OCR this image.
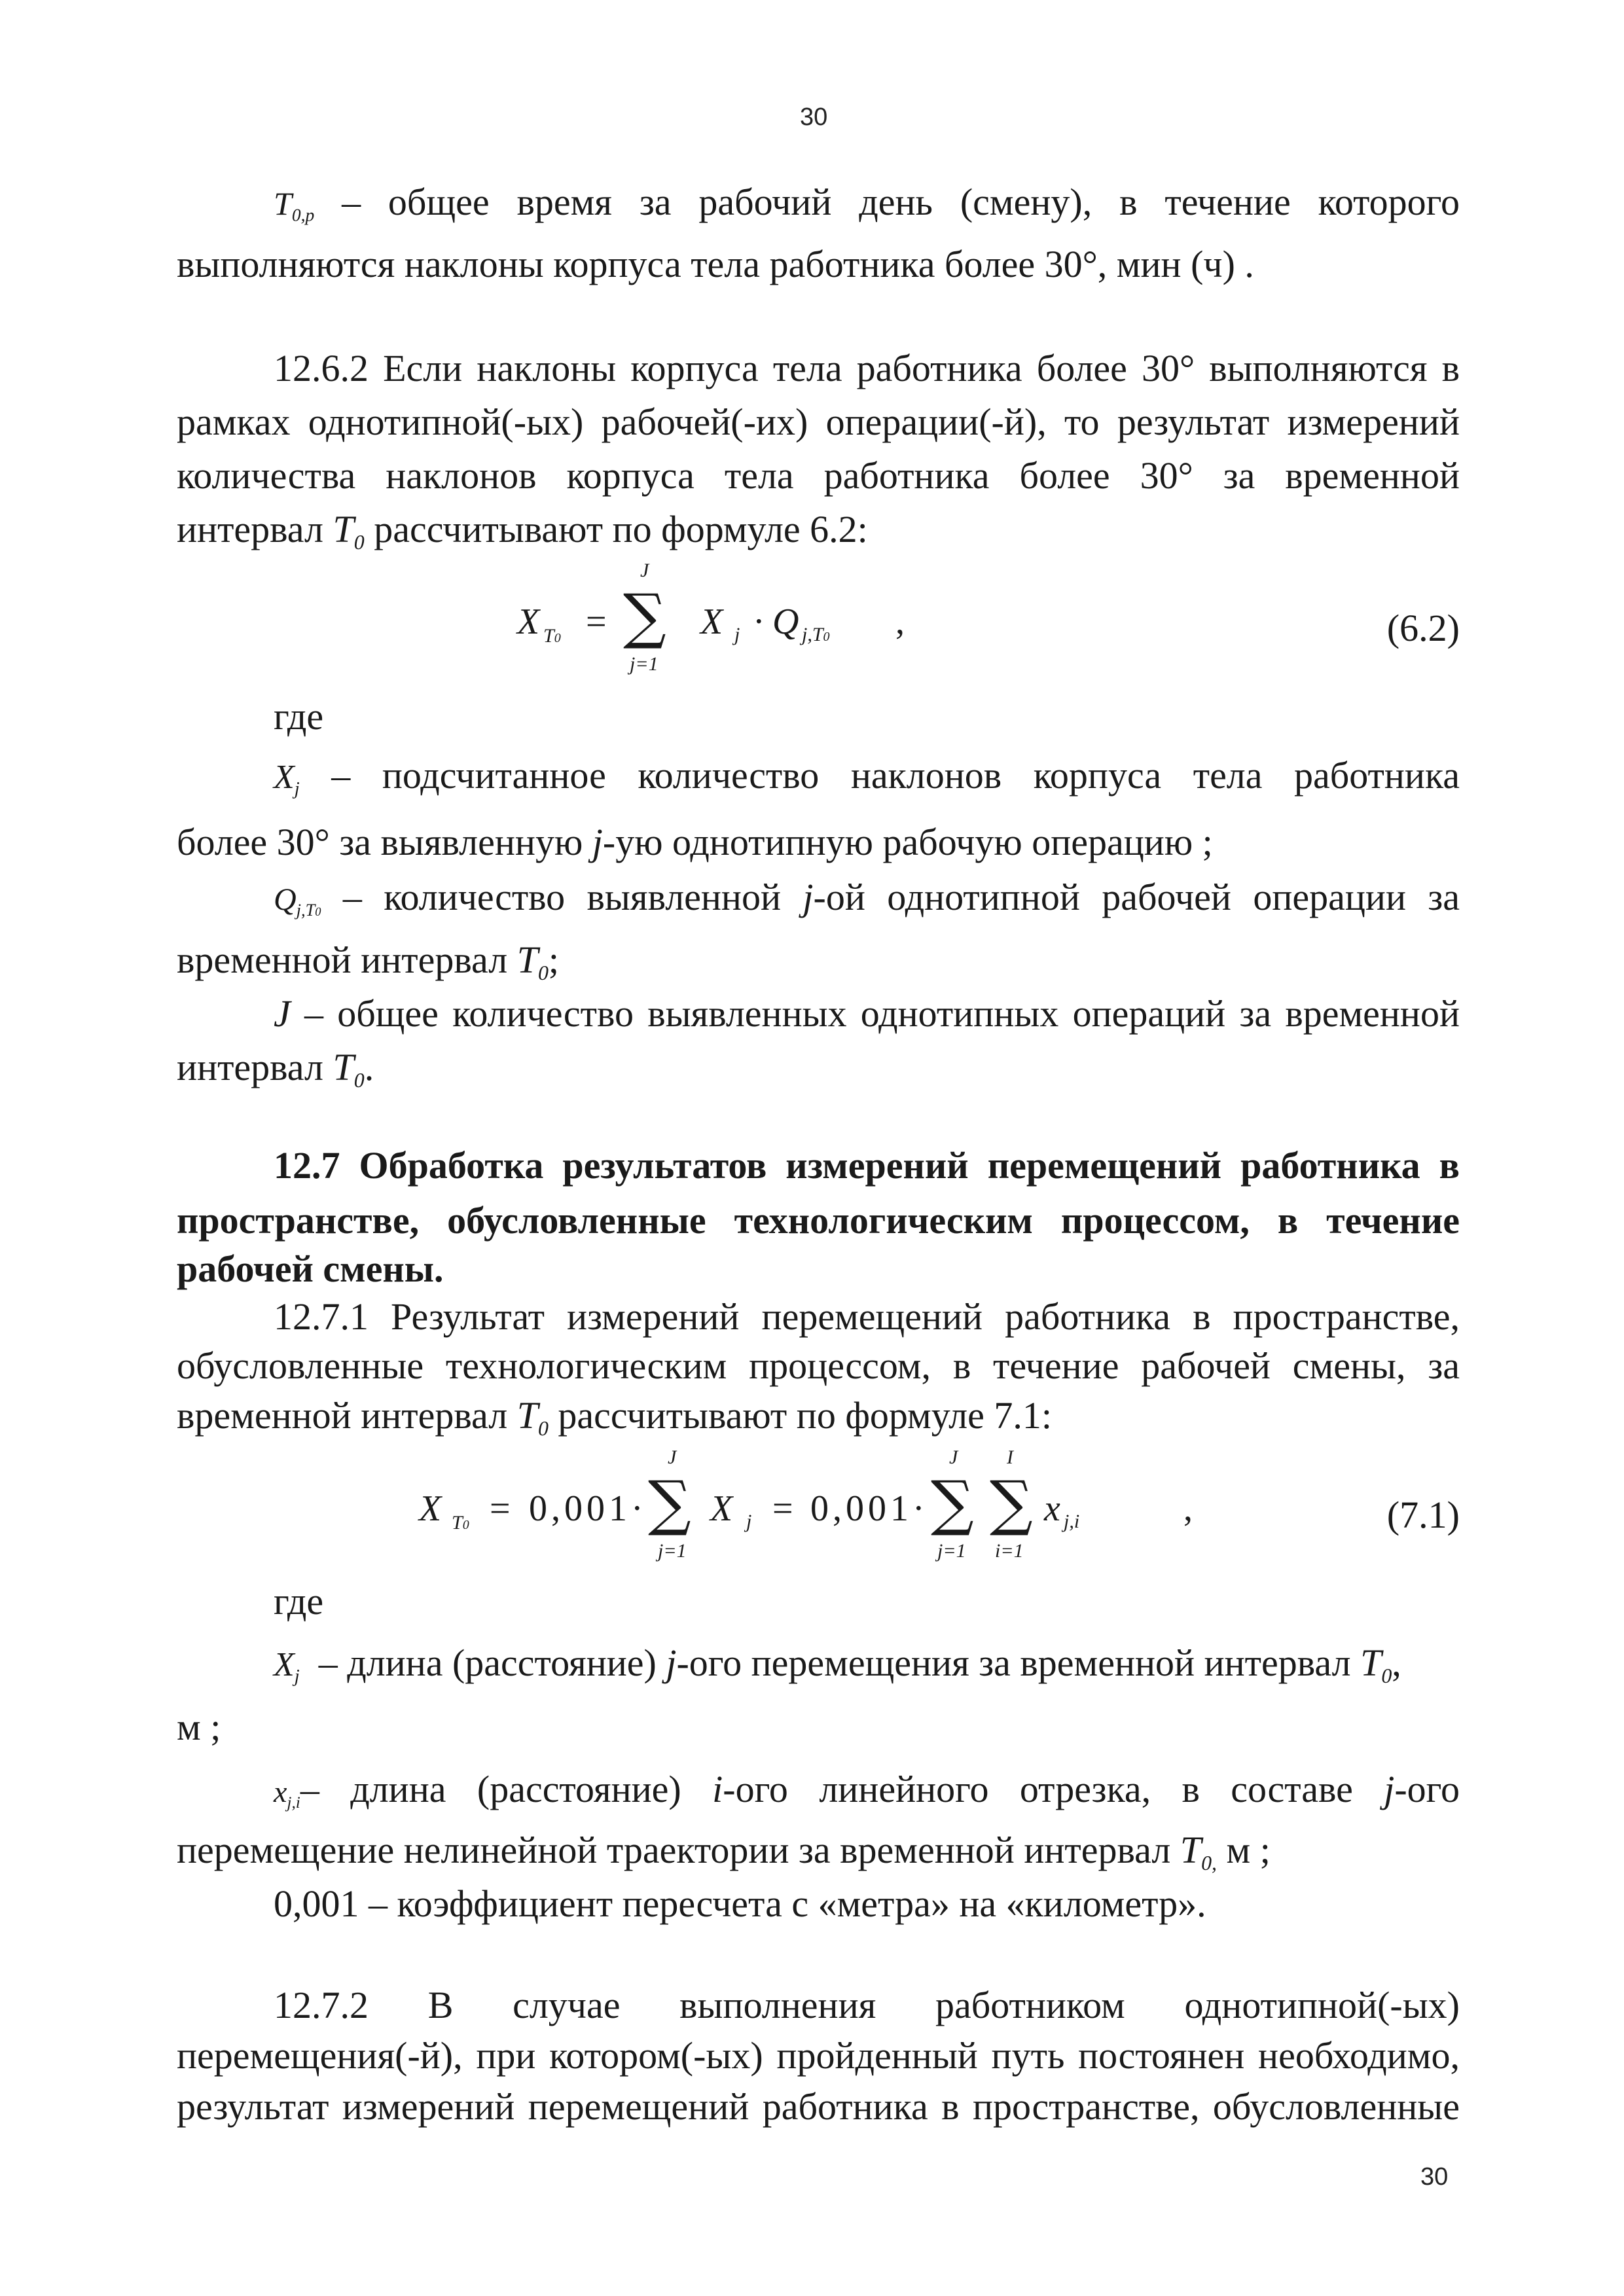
30
30
$T_{0,р}$ – общее время за рабочий день (смену), в течение которого
выполняются наклоны корпуса тела работника более 30°, мин (ч) .
12.6.2 Если наклоны корпуса тела работника более 30° выполняются в
рамках однотипной(-ых) рабочей(-их) операции(-й), то результат измерений
количества наклонов корпуса тела работника более 30° за временной
интервал $T_0$ рассчитывают по формуле 6.2:
X T0 =
J
∑
j=1
X j · Q j,T0 ,	(6.2)
где
$X_j$ – подсчитанное количество наклонов корпуса тела работника
более 30° за выявленную j-ую однотипную рабочую операцию ;
$Q_{j,T0}$ – количество выявленной j-ой однотипной рабочей операции за
временной интервал $T_0$;
J – общее количество выявленных однотипных операций за временной
интервал $T_0$.
12.7 Обработка результатов измерений перемещений работника в
пространстве, обусловленные технологическим процессом, в течение
рабочей смены.
12.7.1 Результат измерений перемещений работника в пространстве,
обусловленные технологическим процессом, в течение рабочей смены, за
временной интервал $T_0$ рассчитывают по формуле 7.1:
X T0 = 0,001·
J
∑
j=1
X j = 0,001·
J
∑
j=1
I
∑
i=1
x j,i	,	(7.1)
где
$X_j$ – длина (расстояние) j-ого перемещения за временной интервал $T_0$,
м ;
$x_{j,i}-$ длина (расстояние) i-ого линейного отрезка, в составе j-ого
перемещение нелинейной траектории за временной интервал $T_{0,}$ м ;
0,001 – коэффициент пересчета с «метра» на «километр».
12.7.2 В случае выполнения работником однотипной(-ых)
перемещения(-й), при котором(-ых) пройденный путь постоянен необходимо,
результат измерений перемещений работника в пространстве, обусловленные
